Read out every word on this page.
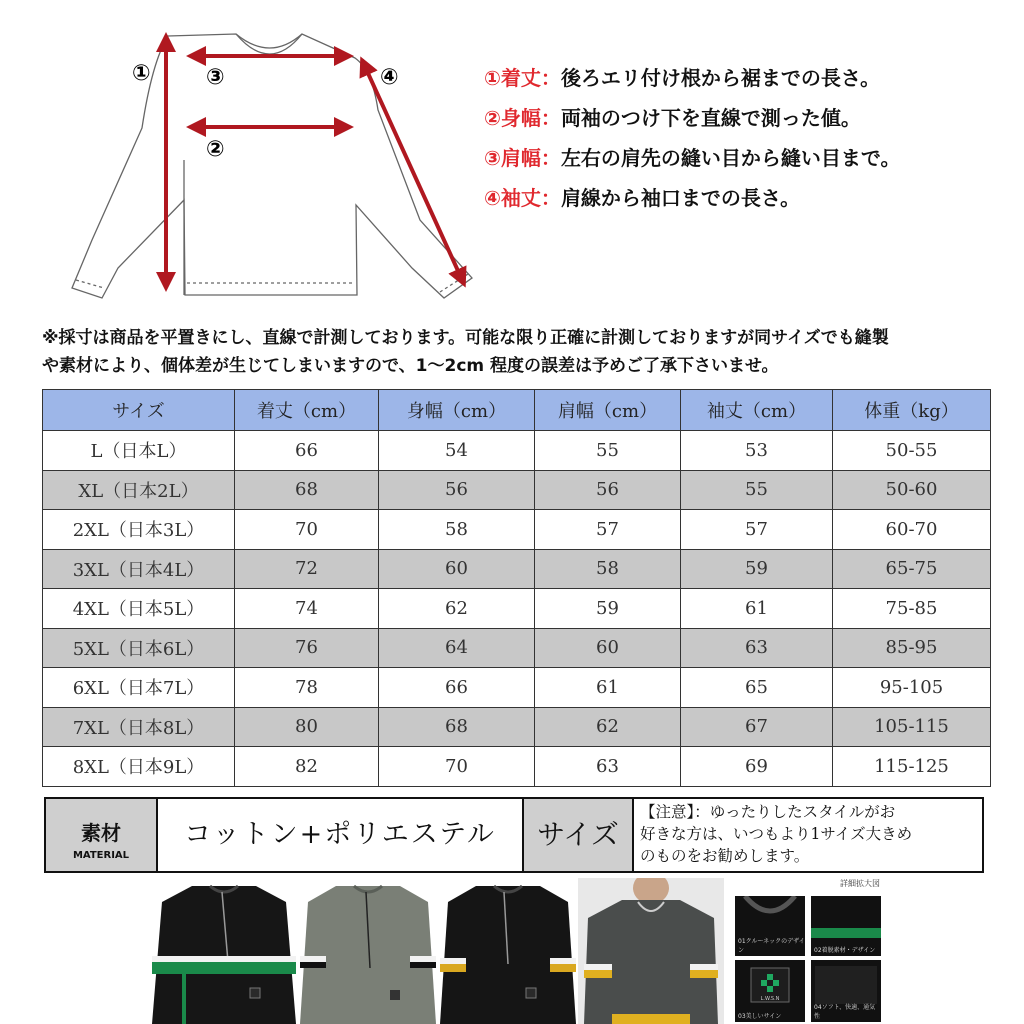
①	③
②
④	①着丈：後ろエリ付け根から裾までの長さ。
②身幅：両袖のつけ下を直線で測った値。
③肩幅：左右の肩先の縫い目から縫い目まで。
④袖丈：肩線から袖口までの長さ。
※採寸は商品を平置きにし、直線で計測しております。可能な限り正確に計測しておりますが同サイズでも縫製
や素材により、個体差が生じてしまいますので、1～2cm 程度の誤差は予めご了承下さいませ。
サイズ	着丈（cm）	身幅（cm）	肩幅（cm）	袖丈（cm）	体重（kg）
L（日本L）	66	54	55	53	50-55
XL（日本2L）	68	56	56	55	50-60
2XL（日本3L）	70	58	57	57	60-70
3XL（日本4L）	72	60	58	59	65-75
4XL（日本5L）	74	62	59	61	75-85
5XL（日本6L）	76	64	60	63	85-95
6XL（日本7L）	78	66	61	65	95-105
7XL（日本8L）	80	68	62	67	105-115
8XL（日本9L）	82	70	63	69	115-125
素材
MATERIAL
コットン+ポリエステル	サイズ
【注意】：ゆったりしたスタイルがお
好きな方は、いつもより1サイズ大きめ
のものをお勧めします。
詳細拡大図
01クルーネックのデザイン	02着脱素材・デザイン
L.W.S.N
03美しいサイン
04ソフト、快適、通気性
